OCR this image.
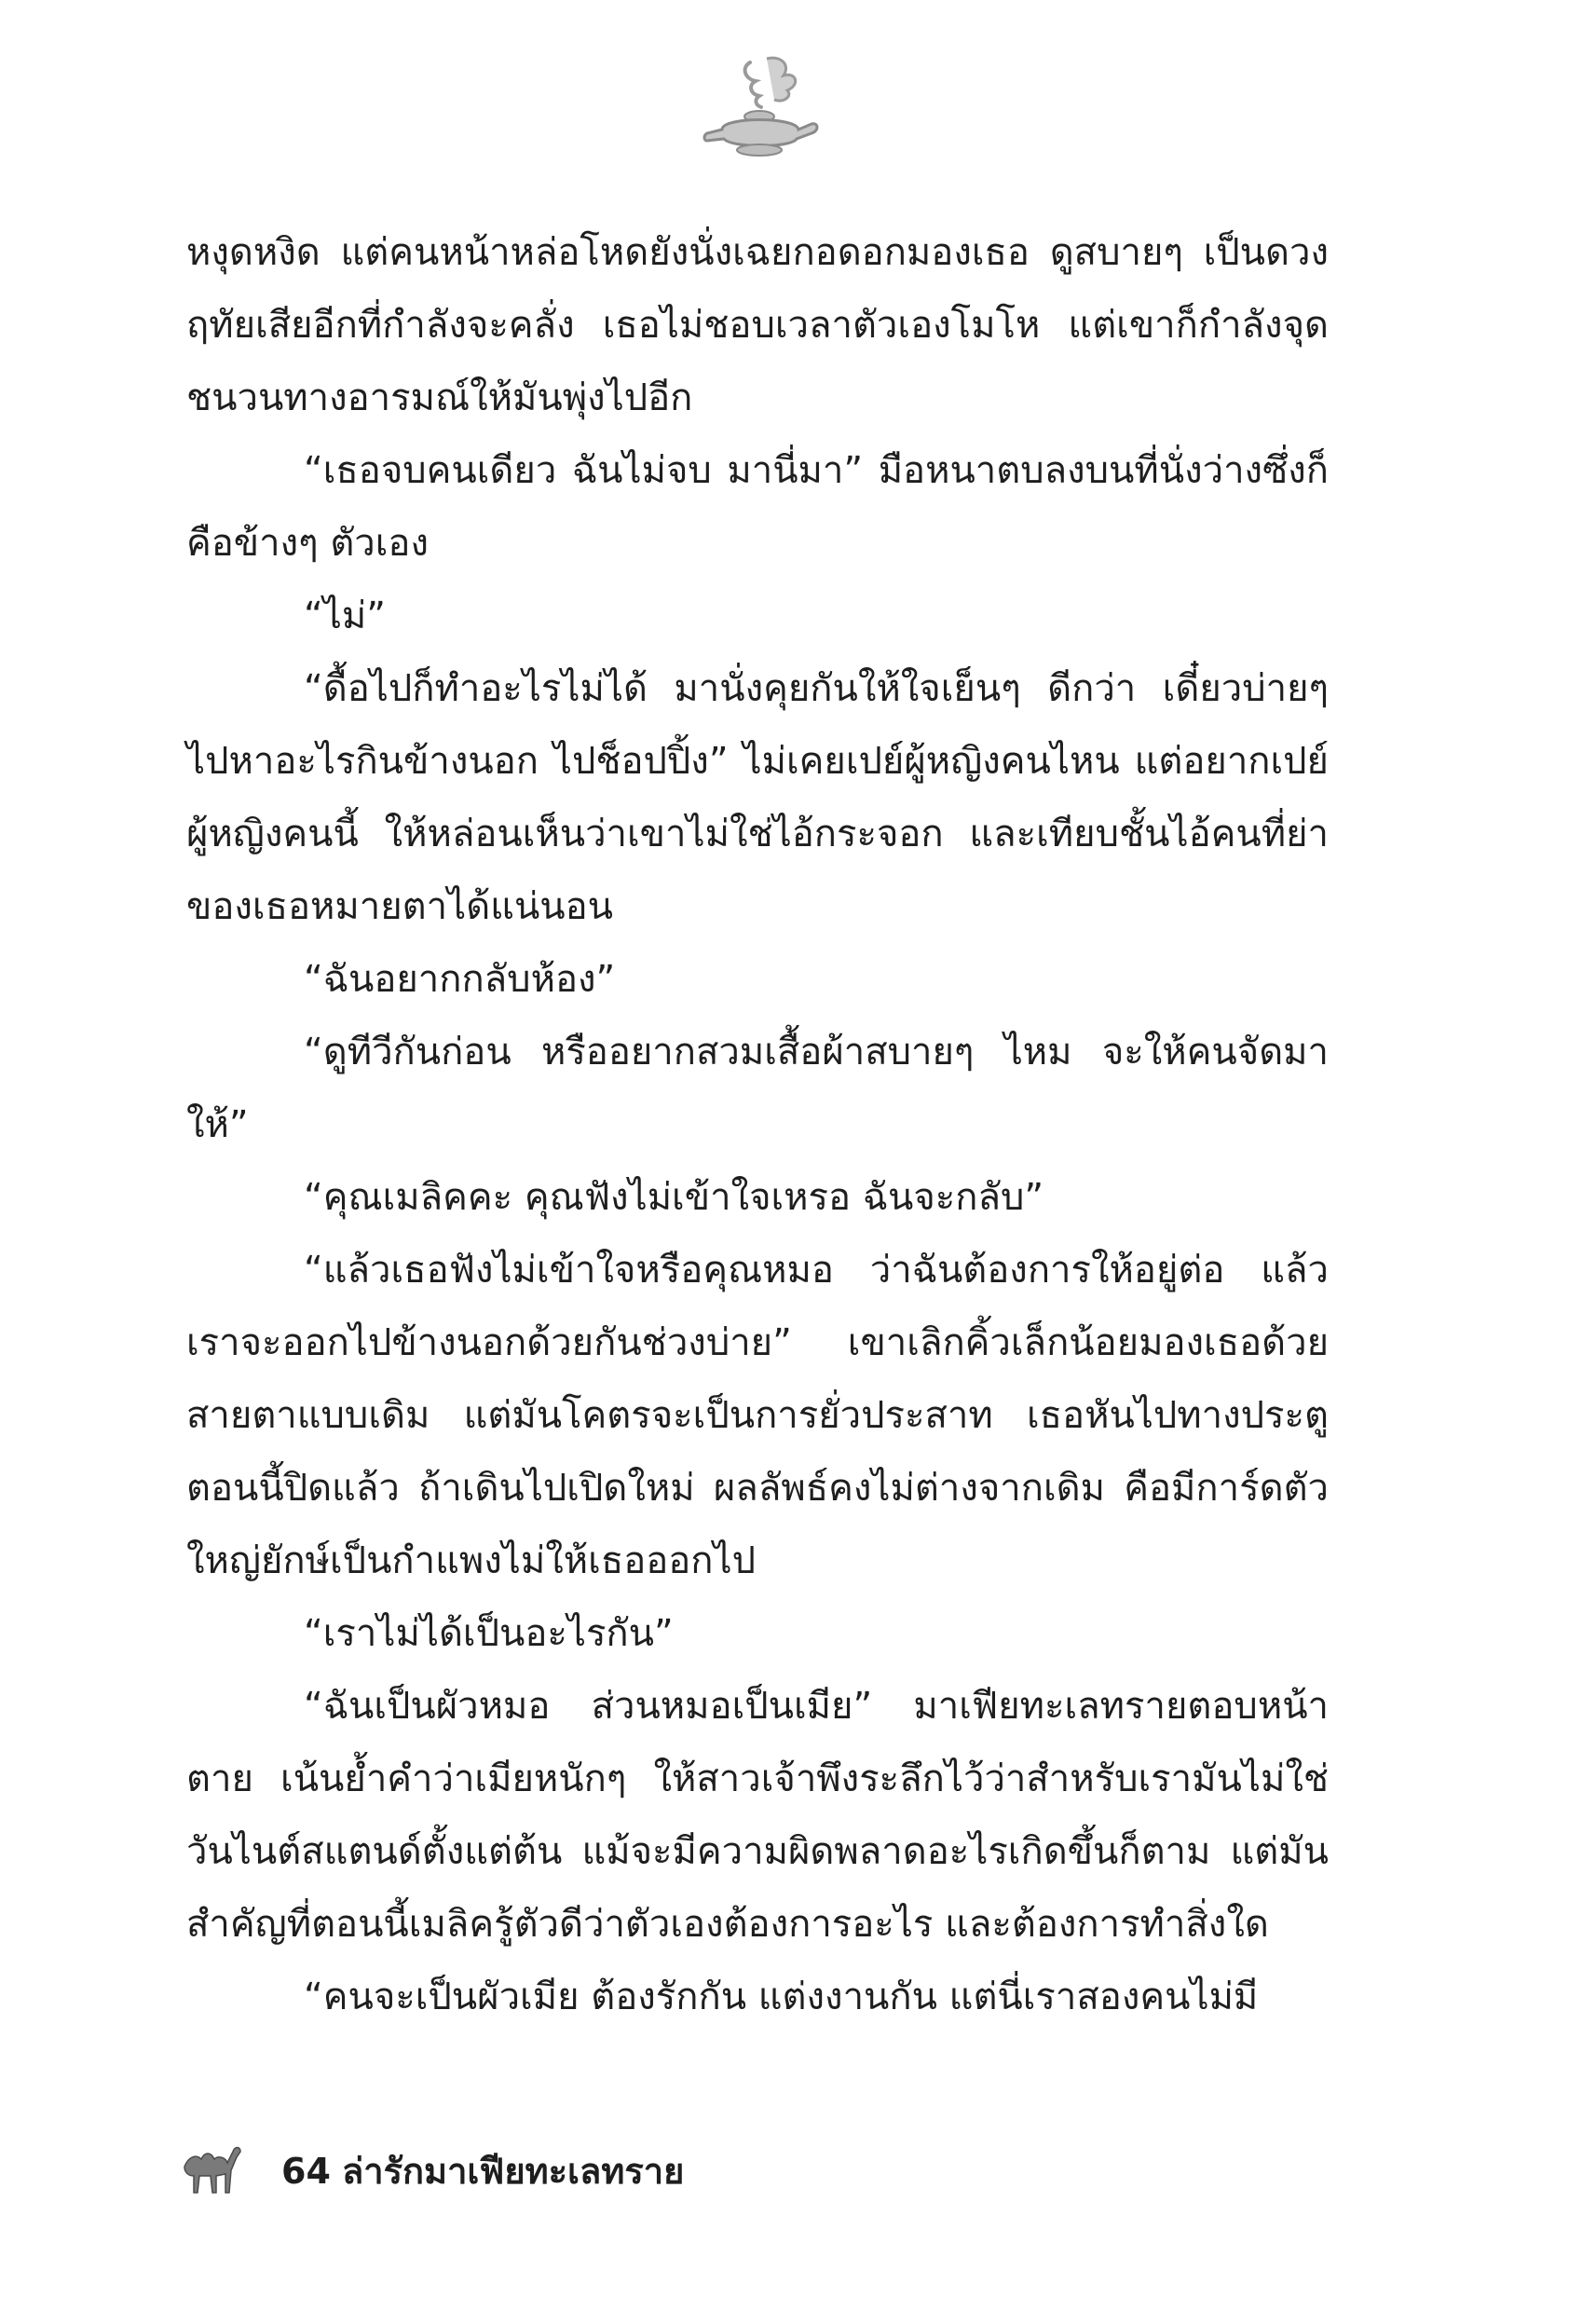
หงุดหงิด แต่คนหน้าหล่อโหดยังนั่งเฉยกอดอกมองเธอ ดูสบายๆ เป็นดวงฤทัยเสียอีกที่กำลังจะคลั่ง เธอไม่ชอบเวลาตัวเองโมโห แต่เขาก็กำลังจุดชนวนทางอารมณ์ให้มันพุ่งไปอีก

“เธอจบคนเดียว ฉันไม่จบ มานี่มา” มือหนาตบลงบนที่นั่งว่างซึ่งก็คือข้างๆ ตัวเอง

“ไม่”

“ดื้อไปก็ทำอะไรไม่ได้ มานั่งคุยกันให้ใจเย็นๆ ดีกว่า เดี๋ยวบ่ายๆ ไปหาอะไรกินข้างนอก ไปช็อปปิ้ง” ไม่เคยเปย์ผู้หญิงคนไหน แต่อยากเปย์ผู้หญิงคนนี้ ให้หล่อนเห็นว่าเขาไม่ใช่ไอ้กระจอก และเทียบชั้นไอ้คนที่ย่าของเธอหมายตาได้แน่นอน

“ฉันอยากกลับห้อง”

“ดูทีวีกันก่อน หรืออยากสวมเสื้อผ้าสบายๆ ไหม จะให้คนจัดมาให้”

“คุณเมลิคคะ คุณฟังไม่เข้าใจเหรอ ฉันจะกลับ”

“แล้วเธอฟังไม่เข้าใจหรือคุณหมอ ว่าฉันต้องการให้อยู่ต่อ แล้วเราจะออกไปข้างนอกด้วยกันช่วงบ่าย” เขาเลิกคิ้วเล็กน้อยมองเธอด้วยสายตาแบบเดิม แต่มันโคตรจะเป็นการยั่วประสาท เธอหันไปทางประตูตอนนี้ปิดแล้ว ถ้าเดินไปเปิดใหม่ ผลลัพธ์คงไม่ต่างจากเดิม คือมีการ์ดตัวใหญ่ยักษ์เป็นกำแพงไม่ให้เธอออกไป

“เราไม่ได้เป็นอะไรกัน”

“ฉันเป็นผัวหมอ ส่วนหมอเป็นเมีย” มาเฟียทะเลทรายตอบหน้าตาย เน้นย้ำคำว่าเมียหนักๆ ให้สาวเจ้าพึงระลึกไว้ว่าสำหรับเรามันไม่ใช่วันไนต์สแตนด์ตั้งแต่ต้น แม้จะมีความผิดพลาดอะไรเกิดขึ้นก็ตาม แต่มันสำคัญที่ตอนนี้เมลิครู้ตัวดีว่าตัวเองต้องการอะไร และต้องการทำสิ่งใด

“คนจะเป็นผัวเมีย ต้องรักกัน แต่งงานกัน แต่นี่เราสองคนไม่มี

64 ล่ารักมาเฟียทะเลทราย
